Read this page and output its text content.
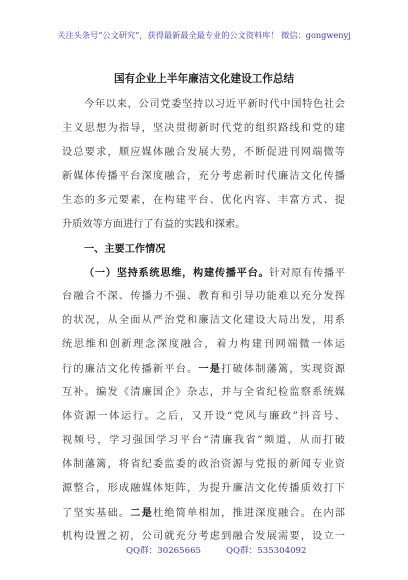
关注头条号“公文研究”，获得最新最全最专业的公文资料库！ 微信：gongwenyj
国有企业上半年廉洁文化建设工作总结
今年以来，公司党委坚持以习近平新时代中国特色社会
主义思想为指导，坚决贯彻新时代党的组织路线和党的建
设总要求，顺应媒体融合发展大势，不断促进刊网端微等
新媒体传播平台深度融合，充分考虑新时代廉洁文化传播
生态的多元要素，在构建平台、优化内容、丰富方式、提
升质效等方面进行了有益的实践和探索。
一、主要工作情况
（一）坚持系统思维，构建传播平台。针对原有传播平
台融合不深、传播力不强、教育和引导功能难以充分发挥
的状况，从全面从严治党和廉洁文化建设大局出发，用系
统思维和创新理念深度融合，着力构建刊网端微一体运
行的廉洁文化传播新平台。一是打破体制藩篱，实现资源
互补。编发《清廉国企》杂志，并与全省纪检监察系统媒
体资源一体运行。之后，又开设“党风与廉政”抖音号、
视频号，学习强国学习平台“清廉我省”频道，从而打破
体制藩篱，将省纪委监委的政治资源与党报的新闻专业资
源整合，形成融媒体矩阵，为提升廉洁文化传播质效打下
了坚实基础。二是杜绝简单相加，推进深度融合。在内部
机构设置之初，公司就充分考虑到融合发展需要，设立一
QQ群：30265665	QQ群：535304092
